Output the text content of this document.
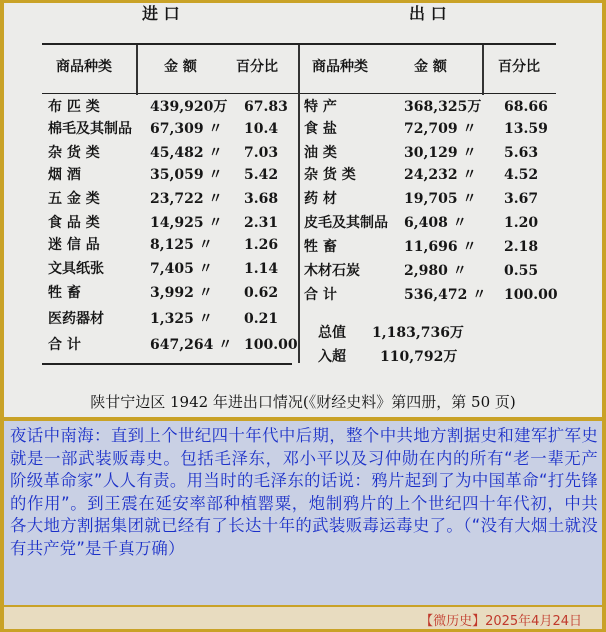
进 口	出 口
商品种类	金 额	百分比 商品种类	金 额	百分比
布 匹 类	439,920万 67.83
棉毛及其制品 67,309 〃 10.4
杂 货 类	45,482 〃 7.03
烟 酒	35,059 〃 5.42
五 金 类	23,722 〃 3.68
食 品 类	14,925 〃 2.31
迷 信 品	8,125 〃 1.26
文具纸张	7,405 〃 1.14
牲 畜	3,992 〃 0.62
医药器材	1,325 〃 0.21
合 计	647,264 〃 100.00
特 产	368,325万 68.66
食 盐	72,709 〃 13.59
油 类	30,129 〃 5.63
杂 货 类	24,232 〃 4.52
药 材	19,705 〃 3.67
皮毛及其制品 6,408 〃	1.20
牲 畜	11,696 〃 2.18
木材石炭	2,980 〃	0.55
合 计	536,472 〃 100.00
总值 1,183,736万
入超 110,792万
陕甘宁边区 1942 年进出口情况(《财经史料》第四册，第 50 页)

夜话中南海：直到上个世纪四十年代中后期，整个中共地方割据史和建军扩军史就是一部武装贩毒史。包括毛泽东，邓小平以及习仲勋在内的所有“老一辈无产阶级革命家”人人有责。用当时的毛泽东的话说：鸦片起到了为中国革命“打先锋的作用”。到王震在延安率部种植罂粟，炮制鸦片的上个世纪四十年代初，中共各大地方割据集团就已经有了长达十年的武装贩毒运毒史了。（“没有大烟土就没有共产党”是千真万确）

【微历史】2025年4月24日
